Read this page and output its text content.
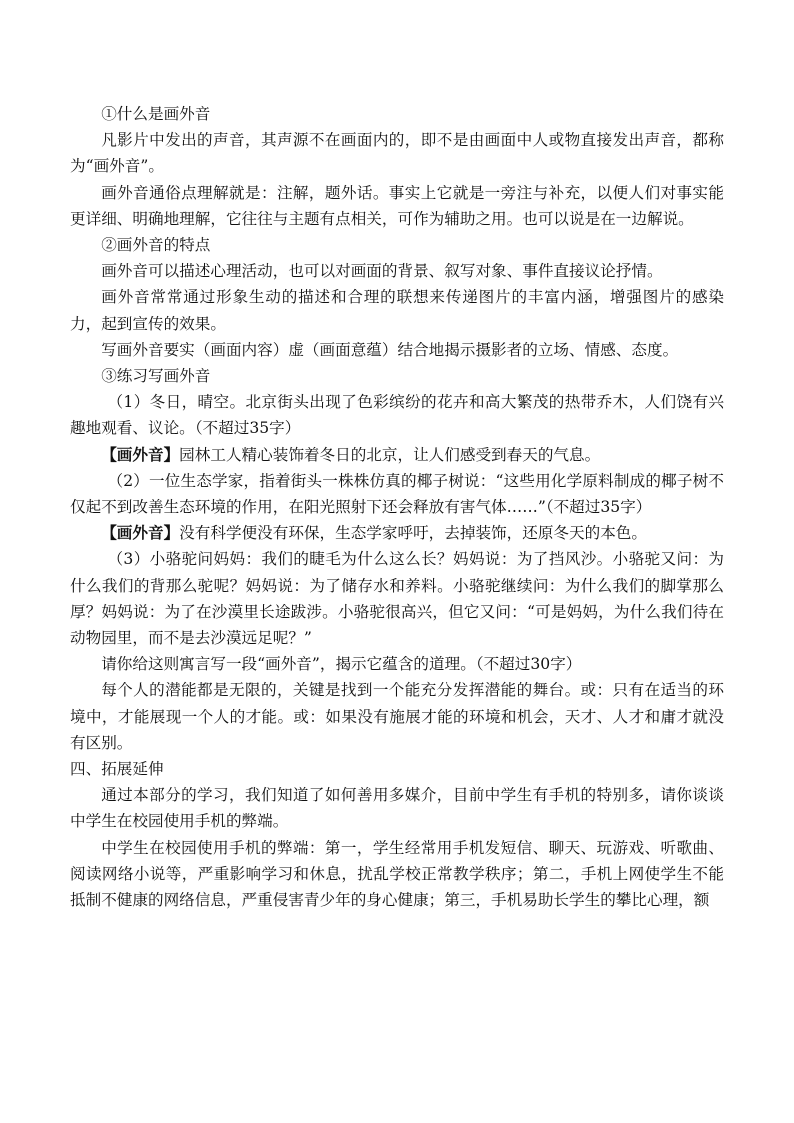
①什么是画外音

凡影片中发出的声音，其声源不在画面内的，即不是由画面中人或物直接发出声音，都称为“画外音”。

画外音通俗点理解就是：注解，题外话。事实上它就是一旁注与补充，以便人们对事实能更详细、明确地理解，它往往与主题有点相关，可作为辅助之用。也可以说是在一边解说。

②画外音的特点

画外音可以描述心理活动，也可以对画面的背景、叙写对象、事件直接议论抒情。

画外音常常通过形象生动的描述和合理的联想来传递图片的丰富内涵，增强图片的感染力，起到宣传的效果。

写画外音要实（画面内容）虚（画面意蕴）结合地揭示摄影者的立场、情感、态度。

③练习写画外音

（1）冬日，晴空。北京街头出现了色彩缤纷的花卉和高大繁茂的热带乔木，人们饶有兴趣地观看、议论。（不超过35字）

【画外音】园林工人精心装饰着冬日的北京，让人们感受到春天的气息。

（2）一位生态学家，指着街头一株株仿真的椰子树说：“这些用化学原料制成的椰子树不仅起不到改善生态环境的作用，在阳光照射下还会释放有害气体……”（不超过35字）

【画外音】没有科学便没有环保，生态学家呼吁，去掉装饰，还原冬天的本色。

（3）小骆驼问妈妈：我们的睫毛为什么这么长？妈妈说：为了挡风沙。小骆驼又问：为什么我们的背那么驼呢？妈妈说：为了储存水和养料。小骆驼继续问：为什么我们的脚掌那么厚？妈妈说：为了在沙漠里长途跋涉。小骆驼很高兴，但它又问：“可是妈妈，为什么我们待在动物园里，而不是去沙漠远足呢？”

请你给这则寓言写一段“画外音”，揭示它蕴含的道理。（不超过30字）

每个人的潜能都是无限的，关键是找到一个能充分发挥潜能的舞台。或：只有在适当的环境中，才能展现一个人的才能。或：如果没有施展才能的环境和机会，天才、人才和庸才就没有区别。

四、拓展延伸

通过本部分的学习，我们知道了如何善用多媒介，目前中学生有手机的特别多，请你谈谈中学生在校园使用手机的弊端。

中学生在校园使用手机的弊端：第一，学生经常用手机发短信、聊天、玩游戏、听歌曲、阅读网络小说等，严重影响学习和休息，扰乱学校正常教学秩序；第二，手机上网使学生不能抵制不健康的网络信息，严重侵害青少年的身心健康；第三，手机易助长学生的攀比心理，额
